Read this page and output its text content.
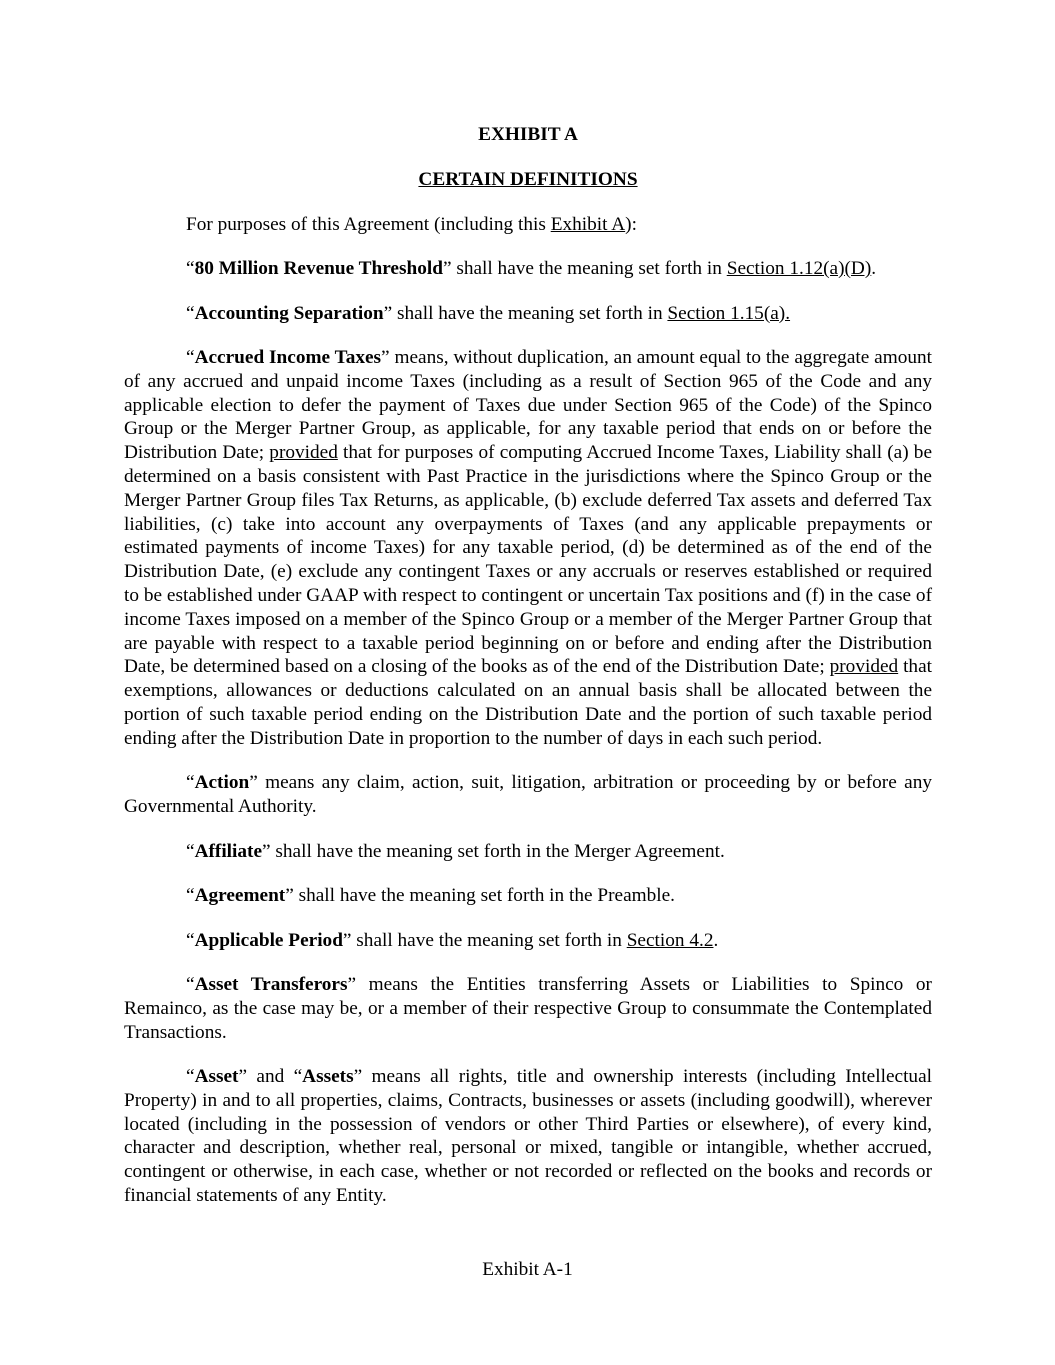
EXHIBIT A

CERTAIN DEFINITIONS

For purposes of this Agreement (including this Exhibit A):

“80 Million Revenue Threshold” shall have the meaning set forth in Section 1.12(a)(D).

“Accounting Separation” shall have the meaning set forth in Section 1.15(a).

“Accrued Income Taxes” means, without duplication, an amount equal to the aggregate amount of any accrued and unpaid income Taxes (including as a result of Section 965 of the Code and any applicable election to defer the payment of Taxes due under Section 965 of the Code) of the Spinco Group or the Merger Partner Group, as applicable, for any taxable period that ends on or before the Distribution Date; provided that for purposes of computing Accrued Income Taxes, Liability shall (a) be determined on a basis consistent with Past Practice in the jurisdictions where the Spinco Group or the Merger Partner Group files Tax Returns, as applicable, (b) exclude deferred Tax assets and deferred Tax liabilities, (c) take into account any overpayments of Taxes (and any applicable prepayments or estimated payments of income Taxes) for any taxable period, (d) be determined as of the end of the Distribution Date, (e) exclude any contingent Taxes or any accruals or reserves established or required to be established under GAAP with respect to contingent or uncertain Tax positions and (f) in the case of income Taxes imposed on a member of the Spinco Group or a member of the Merger Partner Group that are payable with respect to a taxable period beginning on or before and ending after the Distribution Date, be determined based on a closing of the books as of the end of the Distribution Date; provided that exemptions, allowances or deductions calculated on an annual basis shall be allocated between the portion of such taxable period ending on the Distribution Date and the portion of such taxable period ending after the Distribution Date in proportion to the number of days in each such period.

“Action” means any claim, action, suit, litigation, arbitration or proceeding by or before any Governmental Authority.

“Affiliate” shall have the meaning set forth in the Merger Agreement.

“Agreement” shall have the meaning set forth in the Preamble.

“Applicable Period” shall have the meaning set forth in Section 4.2.

“Asset Transferors” means the Entities transferring Assets or Liabilities to Spinco or Remainco, as the case may be, or a member of their respective Group to consummate the Contemplated Transactions.

“Asset” and “Assets” means all rights, title and ownership interests (including Intellectual Property) in and to all properties, claims, Contracts, businesses or assets (including goodwill), wherever located (including in the possession of vendors or other Third Parties or elsewhere), of every kind, character and description, whether real, personal or mixed, tangible or intangible, whether accrued, contingent or otherwise, in each case, whether or not recorded or reflected on the books and records or financial statements of any Entity.

Exhibit A-1
